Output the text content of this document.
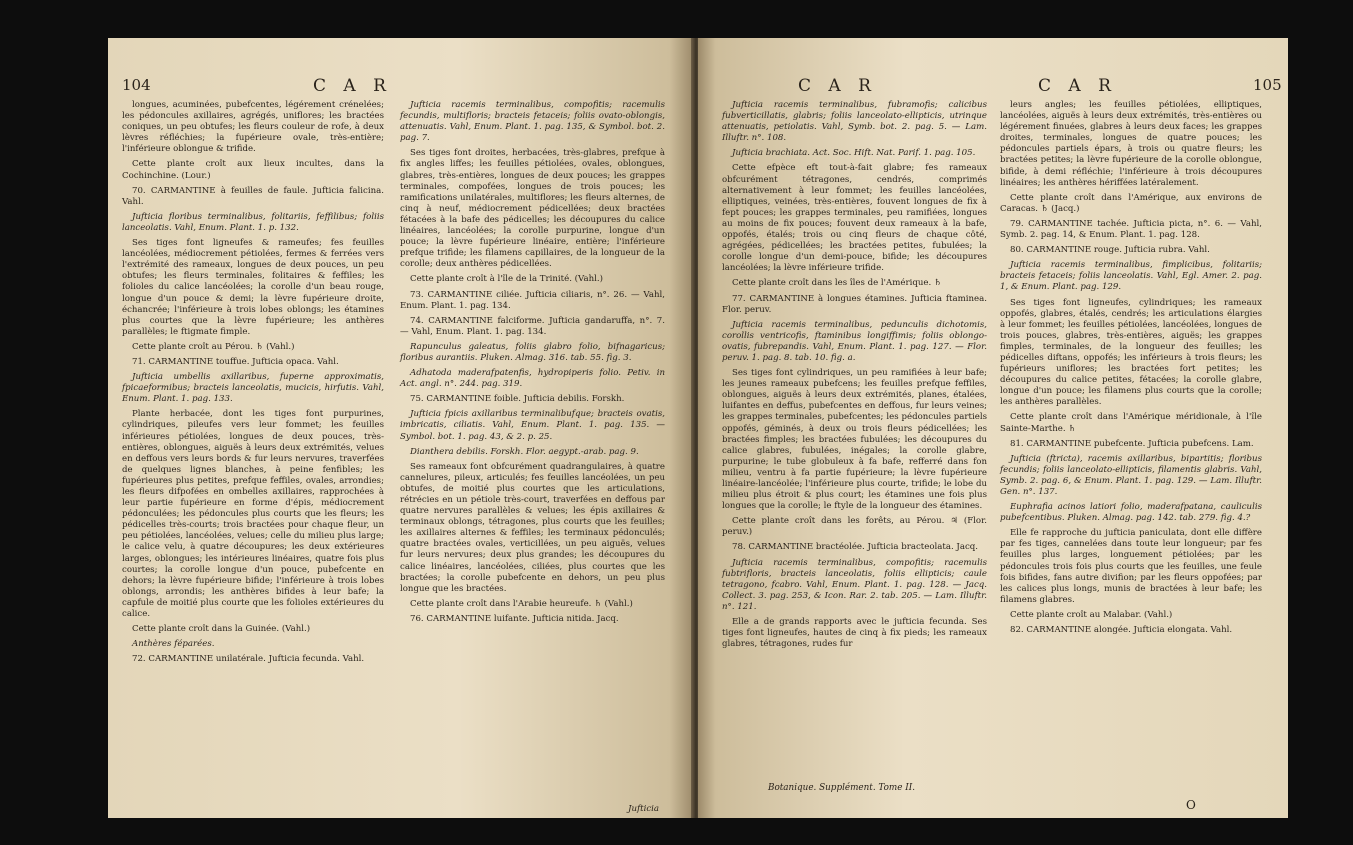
104	C A R

longues, acuminées, pubefcentes, légérement crénelées; les pédoncules axillaires, agrégés, uniflores; les bractées coniques, un peu obtufes; les fleurs couleur de rofe, à deux lèvres réfléchies; la fupérieure ovale, très-entière; l'inférieure oblongue & trifide.

Cette plante croît aux lieux incultes, dans la Cochinchine. (Lour.)

70. CARMANTINE à feuilles de faule. Jufticia falicina. Vahl.

Jufticia floribus terminalibus, folitariis, feffilibus; foliis lanceolatis. Vahl, Enum. Plant. 1. p. 132.

Ses tiges font ligneufes & rameufes; fes feuilles lancéolées, médiocrement pétiolées, fermes & ferrées vers l'extrémité des rameaux, longues de deux pouces, un peu obtufes; les fleurs terminales, folitaires & feffiles; les folioles du calice lancéolées; la corolle d'un beau rouge, longue d'un pouce & demi; la lèvre fupérieure droite, échancrée; l'inférieure à trois lobes oblongs; les étamines plus courtes que la lèvre fupérieure; les anthères parallèles; le ftigmate fimple.

Cette plante croît au Pérou. ♄ (Vahl.)

71. CARMANTINE touffue. Jufticia opaca. Vahl.

Jufticia umbellis axillaribus, fuperne approximatis, fpicaeformibus; bracteis lanceolatis, mucicis, hirfutis. Vahl, Enum. Plant. 1. pag. 133.

Plante herbacée, dont les tiges font purpurines, cylindriques, pileufes vers leur fommet; les feuilles inférieures pétiolées, longues de deux pouces, très-entières, oblongues, aiguës à leurs deux extrémités, velues en deffous vers leurs bords & fur leurs nervures, traverfées de quelques lignes blanches, à peine fenfibles; les fupérieures plus petites, prefque feffiles, ovales, arrondies; les fleurs difpofées en ombelles axillaires, rapprochées à leur partie fupérieure en forme d'épis, médiocrement pédonculées; les pédoncules plus courts que les fleurs; les pédicelles très-courts; trois bractées pour chaque fleur, un peu pétiolées, lancéolées, velues; celle du milieu plus large; le calice velu, à quatre découpures; les deux extérieures larges, oblongues; les intérieures linéaires, quatre fois plus courtes; la corolle longue d'un pouce, pubefcente en dehors; la lèvre fupérieure bifide; l'inférieure à trois lobes oblongs, arrondis; les anthères bifides à leur bafe; la capfule de moitié plus courte que les folioles extérieures du calice.

Cette plante croît dans la Guinée. (Vahl.)

Anthères féparées.

72. CARMANTINE unilatérale. Jufticia fecunda. Vahl.

Jufticia racemis terminalibus, compofitis; racemulis fecundis, multifloris; bracteis fetaceis; foliis ovato-oblongis, attenuatis. Vahl, Enum. Plant. 1. pag. 135, & Symbol. bot. 2. pag. 7.

Ses tiges font droites, herbacées, très-glabres, prefque à fix angles liffes; les feuilles pétiolées, ovales, oblongues, glabres, très-entières, longues de deux pouces; les grappes terminales, compofées, longues de trois pouces; les ramifications unilatérales, multiflores; les fleurs alternes, de cinq à neuf, médiocrement pédicellées; deux bractées fétacées à la bafe des pédicelles; les découpures du calice linéaires, lancéolées; la corolle purpurine, longue d'un pouce; la lèvre fupérieure linéaire, entière; l'inférieure prefque trifide; les filamens capillaires, de la longueur de la corolle; deux anthères pédicellées.

Cette plante croît à l'île de la Trinité. (Vahl.)

73. CARMANTINE ciliée. Jufticia ciliaris, n°. 26. — Vahl, Enum. Plant. 1. pag. 134.

74. CARMANTINE falciforme. Jufticia gandaruffa, n°. 7. — Vahl, Enum. Plant. 1. pag. 134.

Rapunculus galeatus, foliis glabro folio, bifnagaricus; floribus aurantiis. Pluken. Almag. 316. tab. 55. fig. 3.

Adhatoda maderafpatenfis, hydropiperis folio. Petiv. in Act. angl. n°. 244. pag. 319.

75. CARMANTINE foible. Jufticia debilis. Forskh.

Jufticia fpicis axillaribus terminalibufque; bracteis ovatis, imbricatis, ciliatis. Vahl, Enum. Plant. 1. pag. 135. — Symbol. bot. 1. pag. 43, & 2. p. 25.

Dianthera debilis. Forskh. Flor. aegypt.-arab. pag. 9.

Ses rameaux font obfcurément quadrangulaires, à quatre cannelures, pileux, articulés; fes feuilles lancéolées, un peu obtufes, de moitié plus courtes que les articulations, rétrécies en un pétiole très-court, traverfées en deffous par quatre nervures parallèles & velues; les épis axillaires & terminaux oblongs, tétragones, plus courts que les feuilles; les axillaires alternes & feffiles; les terminaux pédonculés; quatre bractées ovales, verticillées, un peu aiguës, velues fur leurs nervures; deux plus grandes; les découpures du calice linéaires, lancéolées, ciliées, plus courtes que les bractées; la corolle pubefcente en dehors, un peu plus longue que les bractées.

Cette plante croît dans l'Arabie heureufe. ♄ (Vahl.)

76. CARMANTINE luifante. Jufticia nitida. Jacq.

Jufticia
C A R	C A R	105

Jufticia racemis terminalibus, fubramofis; calicibus fubverticillatis, glabris; foliis lanceolato-ellipticis, utrinque attenuatis, petiolatis. Vahl, Symb. bot. 2. pag. 5. — Lam. Illuftr. n°. 108.

Jufticia brachiata. Act. Soc. Hift. Nat. Parif. 1. pag. 105.

Cette efpèce eft tout-à-fait glabre; fes rameaux obfcurément tétragones, cendrés, comprimés alternativement à leur fommet; les feuilles lancéolées, elliptiques, veinées, très-entières, fouvent longues de fix à fept pouces; les grappes terminales, peu ramifiées, longues au moins de fix pouces; fouvent deux rameaux à la bafe, oppofés, étalés; trois ou cinq fleurs de chaque côté, agrégées, pédicellées; les bractées petites, fubulées; la corolle longue d'un demi-pouce, bifide; les découpures lancéolées; la lèvre inférieure trifide.

Cette plante croît dans les îles de l'Amérique. ♄

77. CARMANTINE à longues étamines. Jufticia ftaminea. Flor. peruv.

Jufticia racemis terminalibus, pedunculis dichotomis, corollis ventricofis, ftaminibus longiffimis; foliis oblongo-ovatis, fubrepandis. Vahl, Enum. Plant. 1. pag. 127. — Flor. peruv. 1. pag. 8. tab. 10. fig. a.

Ses tiges font cylindriques, un peu ramifiées à leur bafe; les jeunes rameaux pubefcens; les feuilles prefque feffiles, oblongues, aiguës à leurs deux extrémités, planes, étalées, luifantes en deffus, pubefcentes en deffous, fur leurs veines; les grappes terminales, pubefcentes; les pédoncules partiels oppofés, géminés, à deux ou trois fleurs pédicellées; les bractées fimples; les bractées fubulées; les découpures du calice glabres, fubulées, inégales; la corolle glabre, purpurine; le tube globuleux à fa bafe, refferré dans fon milieu, ventru à fa partie fupérieure; la lèvre fupérieure linéaire-lancéolée; l'inférieure plus courte, trifide; le lobe du milieu plus étroit & plus court; les étamines une fois plus longues que la corolle; le ftyle de la longueur des étamines.

Cette plante croît dans les forêts, au Pérou. ♃ (Flor. peruv.)

78. CARMANTINE bractéolée. Jufticia bracteolata. Jacq.

Jufticia racemis terminalibus, compofitis; racemulis fubtrifloris, bracteis lanceolatis, foliis ellipticis; caule tetragono, fcabro. Vahl, Enum. Plant. 1. pag. 128. — Jacq. Collect. 3. pag. 253, & Icon. Rar. 2. tab. 205. — Lam. Illuftr. n°. 121.

Elle a de grands rapports avec le jufticia fecunda. Ses tiges font ligneufes, hautes de cinq à fix pieds; les rameaux glabres, tétragones, rudes fur

leurs angles; les feuilles pétiolées, elliptiques, lancéolées, aiguës à leurs deux extrémités, très-entières ou légérement finuées, glabres à leurs deux faces; les grappes droites, terminales, longues de quatre pouces; les pédoncules partiels épars, à trois ou quatre fleurs; les bractées petites; la lèvre fupérieure de la corolle oblongue, bifide, à demi réfléchie; l'inférieure à trois découpures linéaires; les anthères hériffées latéralement.

Cette plante croît dans l'Amérique, aux environs de Caracas. ♄ (Jacq.)

79. CARMANTINE tachée. Jufticia picta, n°. 6. — Vahl, Symb. 2. pag. 14, & Enum. Plant. 1. pag. 128.

80. CARMANTINE rouge. Jufticia rubra. Vahl.

Jufticia racemis terminalibus, fimplicibus, folitariis; bracteis fetaceis; foliis lanceolatis. Vahl, Egl. Amer. 2. pag. 1, & Enum. Plant. pag. 129.

Ses tiges font ligneufes, cylindriques; les rameaux oppofés, glabres, étalés, cendrés; les articulations élargies à leur fommet; les feuilles pétiolées, lancéolées, longues de trois pouces, glabres, très-entières, aiguës; les grappes fimples, terminales, de la longueur des feuilles; les pédicelles diftans, oppofés; les inférieurs à trois fleurs; les fupérieurs uniflores; les bractées fort petites; les découpures du calice petites, fétacées; la corolle glabre, longue d'un pouce; les filamens plus courts que la corolle; les anthères parallèles.

Cette plante croît dans l'Amérique méridionale, à l'île Sainte-Marthe. ♄

81. CARMANTINE pubefcente. Jufticia pubefcens. Lam.

Jufticia (ftricta), racemis axillaribus, bipartitis; floribus fecundis; foliis lanceolato-ellipticis, filamentis glabris. Vahl, Symb. 2. pag. 6, & Enum. Plant. 1. pag. 129. — Lam. Illuftr. Gen. n°. 137.

Euphrafia acinos latiori folio, maderafpatana, cauliculis pubefcentibus. Pluken. Almag. pag. 142. tab. 279. fig. 4.?

Elle fe rapproche du jufticia paniculata, dont elle diffère par fes tiges, cannelées dans toute leur longueur; par fes feuilles plus larges, longuement pétiolées; par les pédoncules trois fois plus courts que les feuilles, une feule fois bifides, fans autre divifion; par les fleurs oppofées; par les calices plus longs, munis de bractées à leur bafe; les filamens glabres.

Cette plante croît au Malabar. (Vahl.)

82. CARMANTINE alongée. Jufticia elongata. Vahl.

Botanique. Supplément. Tome II.
O
